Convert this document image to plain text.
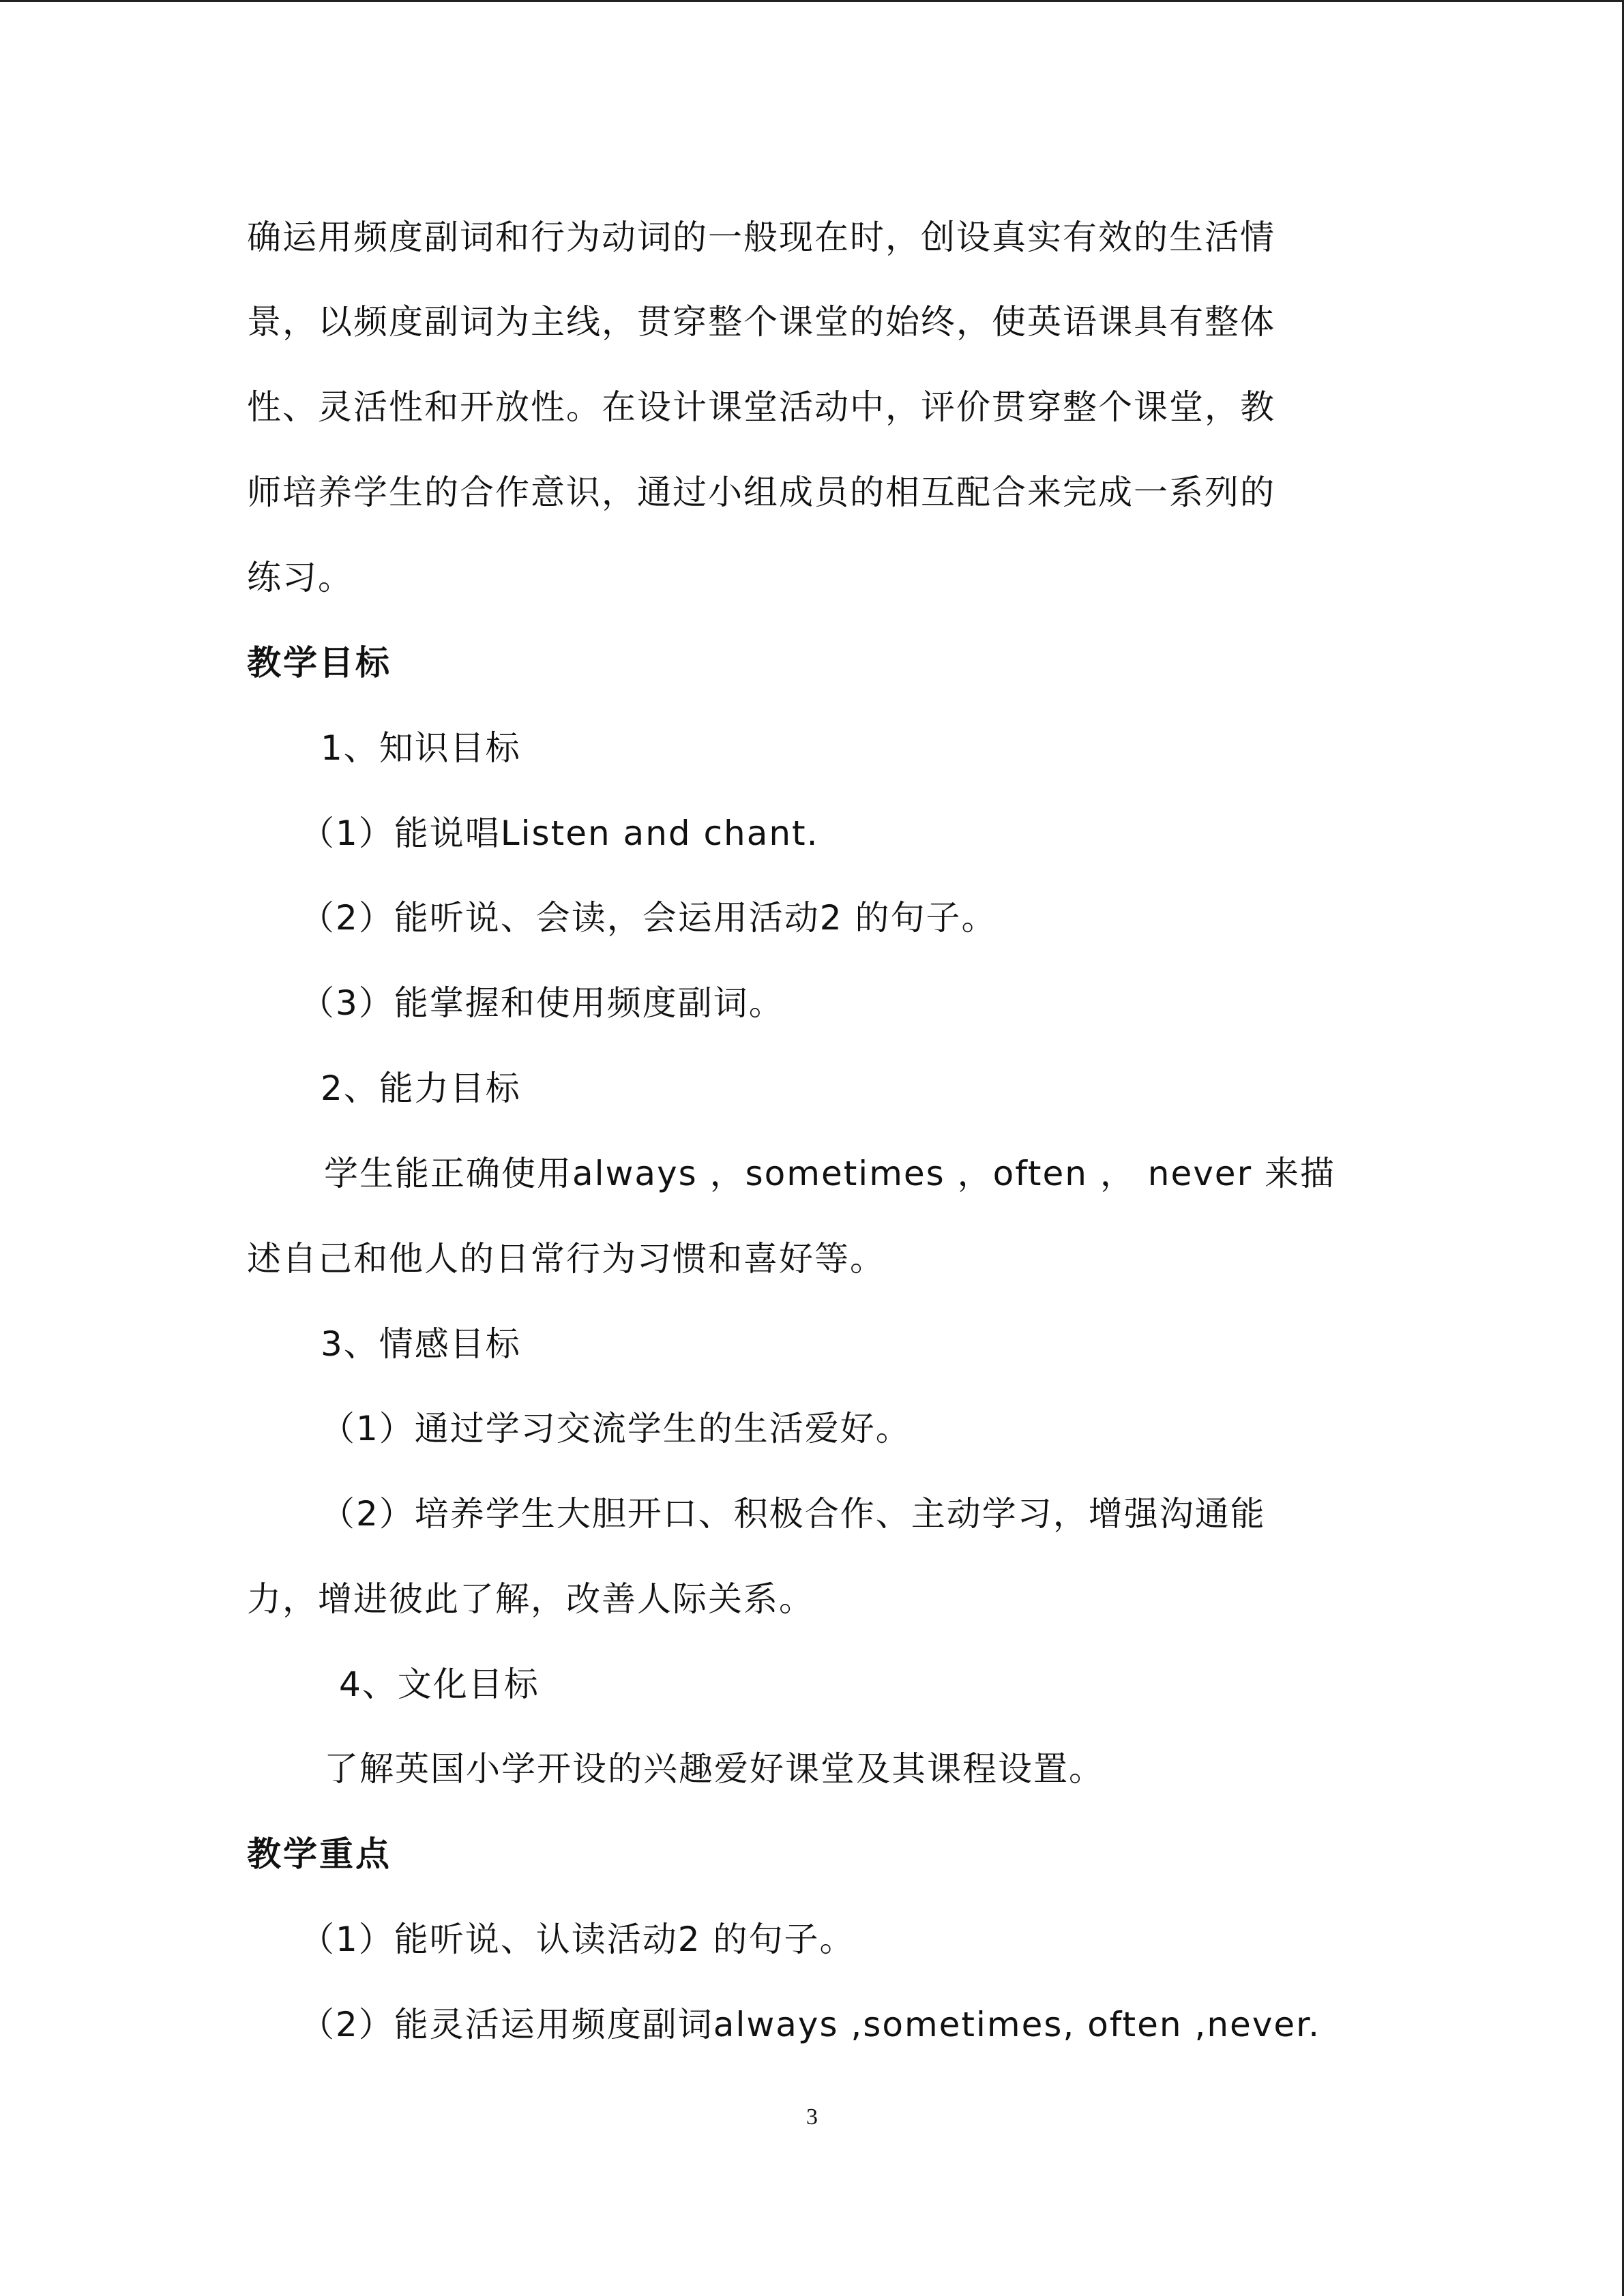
确运用频度副词和行为动词的一般现在时，创设真实有效的生活情
景，以频度副词为主线，贯穿整个课堂的始终，使英语课具有整体
性、灵活性和开放性。在设计课堂活动中，评价贯穿整个课堂，教
师培养学生的合作意识，通过小组成员的相互配合来完成一系列的
练习。
教学目标
1、知识目标
（1）能说唱Listen and chant.
（2）能听说、会读，会运用活动2 的句子。
（3）能掌握和使用频度副词。
2、能力目标
学生能正确使用always ，sometimes ，often ， never 来描
述自己和他人的日常行为习惯和喜好等。
3、情感目标
（1）通过学习交流学生的生活爱好。
（2）培养学生大胆开口、积极合作、主动学习，增强沟通能
力，增进彼此了解，改善人际关系。
4、文化目标
了解英国小学开设的兴趣爱好课堂及其课程设置。
教学重点
（1）能听说、认读活动2 的句子。
（2）能灵活运用频度副词always ,sometimes, often ,never.
3
